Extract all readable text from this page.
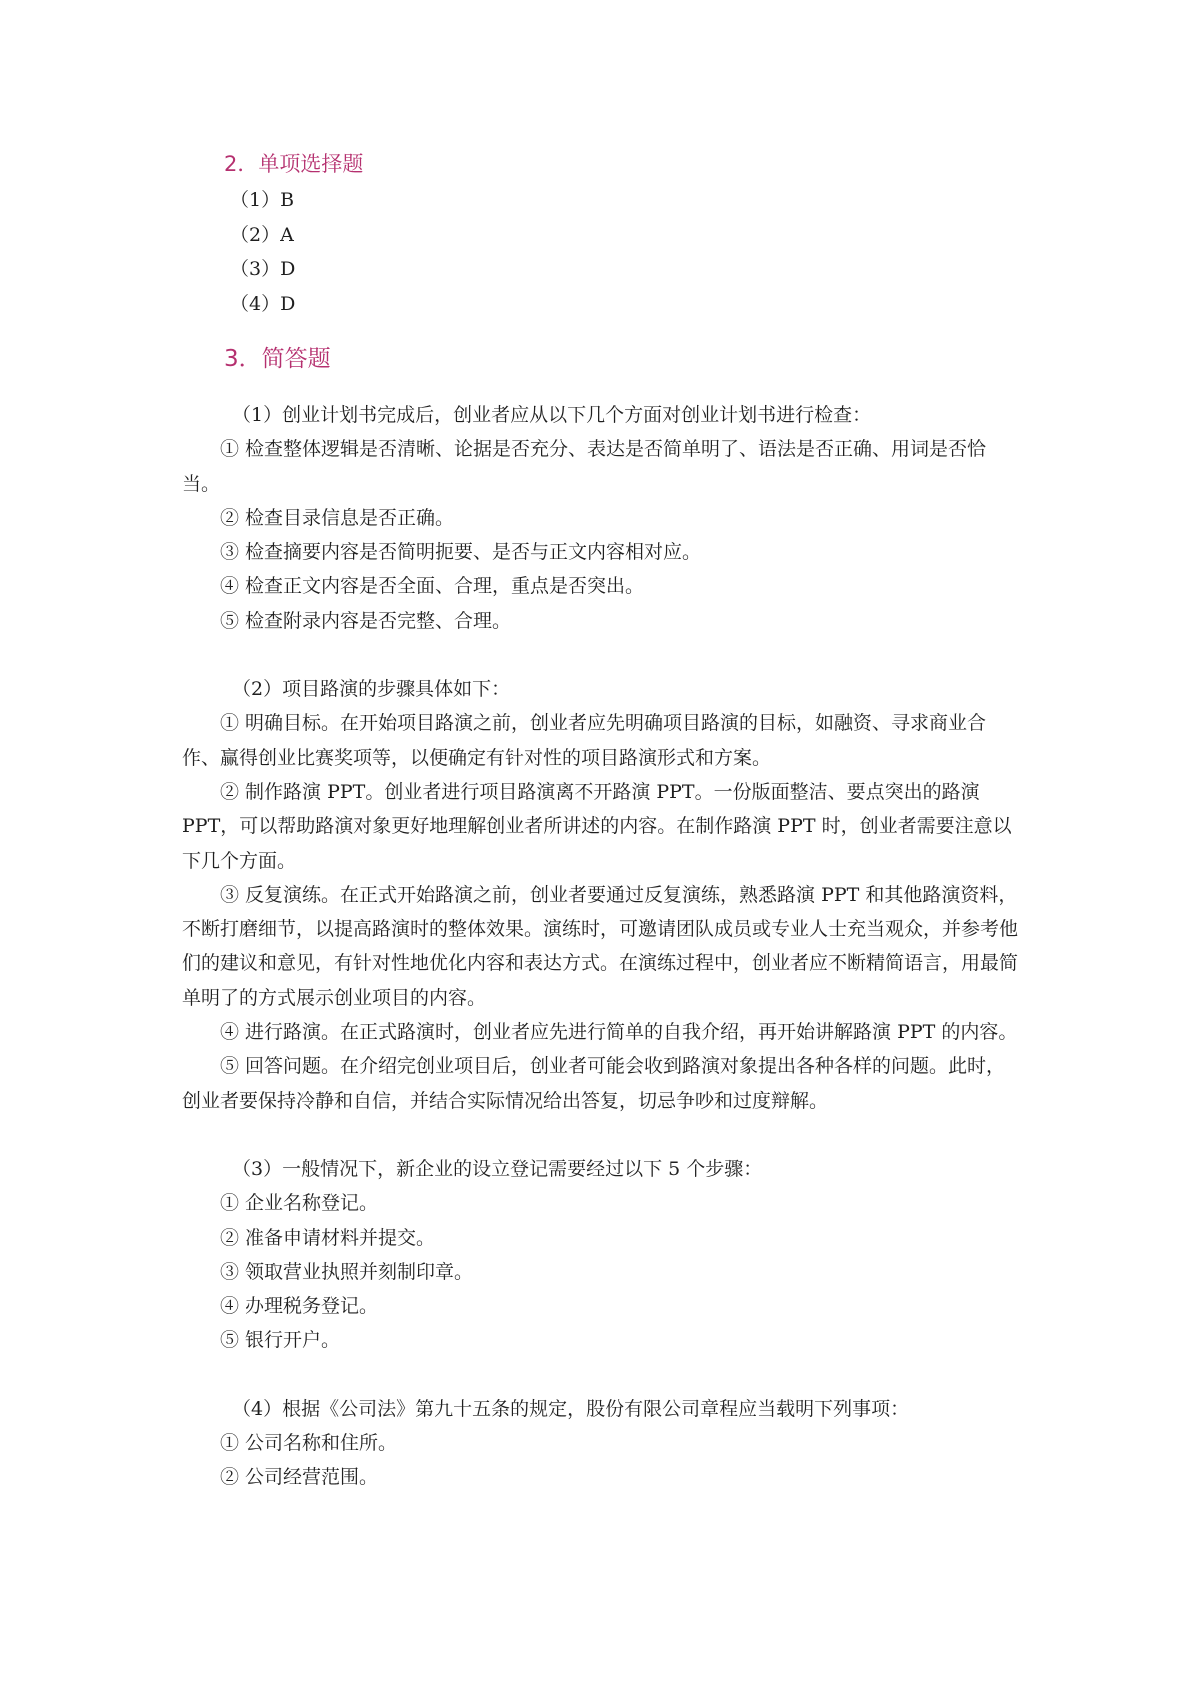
2．单项选择题
（1）B
（2）A
（3）D
（4）D
3．简答题

（1）创业计划书完成后，创业者应从以下几个方面对创业计划书进行检查：

① 检查整体逻辑是否清晰、论据是否充分、表达是否简单明了、语法是否正确、用词是否恰当。

② 检查目录信息是否正确。

③ 检查摘要内容是否简明扼要、是否与正文内容相对应。

④ 检查正文内容是否全面、合理，重点是否突出。

⑤ 检查附录内容是否完整、合理。

（2）项目路演的步骤具体如下：

① 明确目标。在开始项目路演之前，创业者应先明确项目路演的目标，如融资、寻求商业合作、赢得创业比赛奖项等，以便确定有针对性的项目路演形式和方案。

② 制作路演 PPT。创业者进行项目路演离不开路演 PPT。一份版面整洁、要点突出的路演 PPT，可以帮助路演对象更好地理解创业者所讲述的内容。在制作路演 PPT 时，创业者需要注意以下几个方面。

③ 反复演练。在正式开始路演之前，创业者要通过反复演练，熟悉路演 PPT 和其他路演资料，不断打磨细节，以提高路演时的整体效果。演练时，可邀请团队成员或专业人士充当观众，并参考他们的建议和意见，有针对性地优化内容和表达方式。在演练过程中，创业者应不断精简语言，用最简单明了的方式展示创业项目的内容。

④ 进行路演。在正式路演时，创业者应先进行简单的自我介绍，再开始讲解路演 PPT 的内容。

⑤ 回答问题。在介绍完创业项目后，创业者可能会收到路演对象提出各种各样的问题。此时，创业者要保持冷静和自信，并结合实际情况给出答复，切忌争吵和过度辩解。

（3）一般情况下，新企业的设立登记需要经过以下 5 个步骤：

① 企业名称登记。

② 准备申请材料并提交。

③ 领取营业执照并刻制印章。

④ 办理税务登记。

⑤ 银行开户。

（4）根据《公司法》第九十五条的规定，股份有限公司章程应当载明下列事项：

① 公司名称和住所。

② 公司经营范围。
